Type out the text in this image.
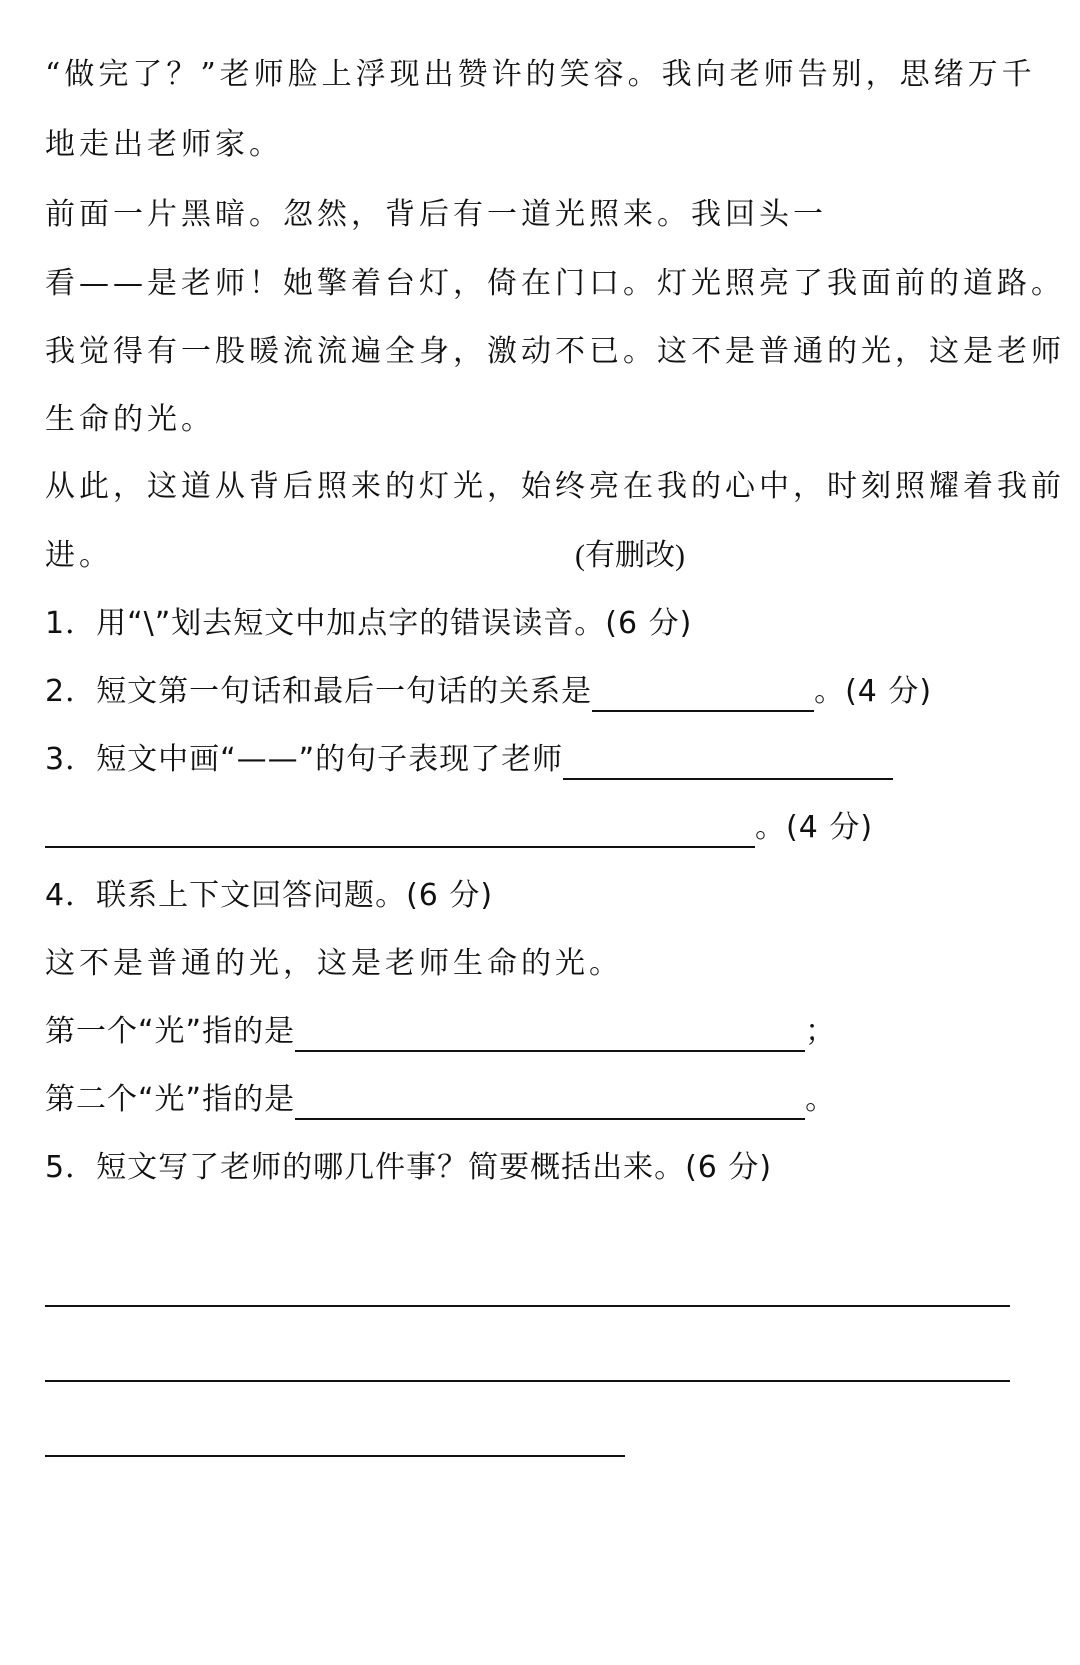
“做完了？”老师脸上浮现出赞许的笑容。我向老师告别，思绪万千
地走出老师家。
前面一片黑暗。忽然，背后有一道光照来。我回头一
看——是老师！她擎着台灯，倚在门口。灯光照亮了我面前的道路。
我觉得有一股暖流流遍全身，激动不已。这不是普通的光，这是老师
生命的光。
从此，这道从背后照来的灯光，始终亮在我的心中，时刻照耀着我前
进。	(有删改)
1．用“\”划去短文中加点字的错误读音。(6 分)
2．短文第一句话和最后一句话的关系是	。(4 分)
3．短文中画“——”的句子表现了老师
。(4 分)
4．联系上下文回答问题。(6 分)
这不是普通的光，这是老师生命的光。
第一个“光”指的是	；
第二个“光”指的是	。
5．短文写了老师的哪几件事？简要概括出来。(6 分)
